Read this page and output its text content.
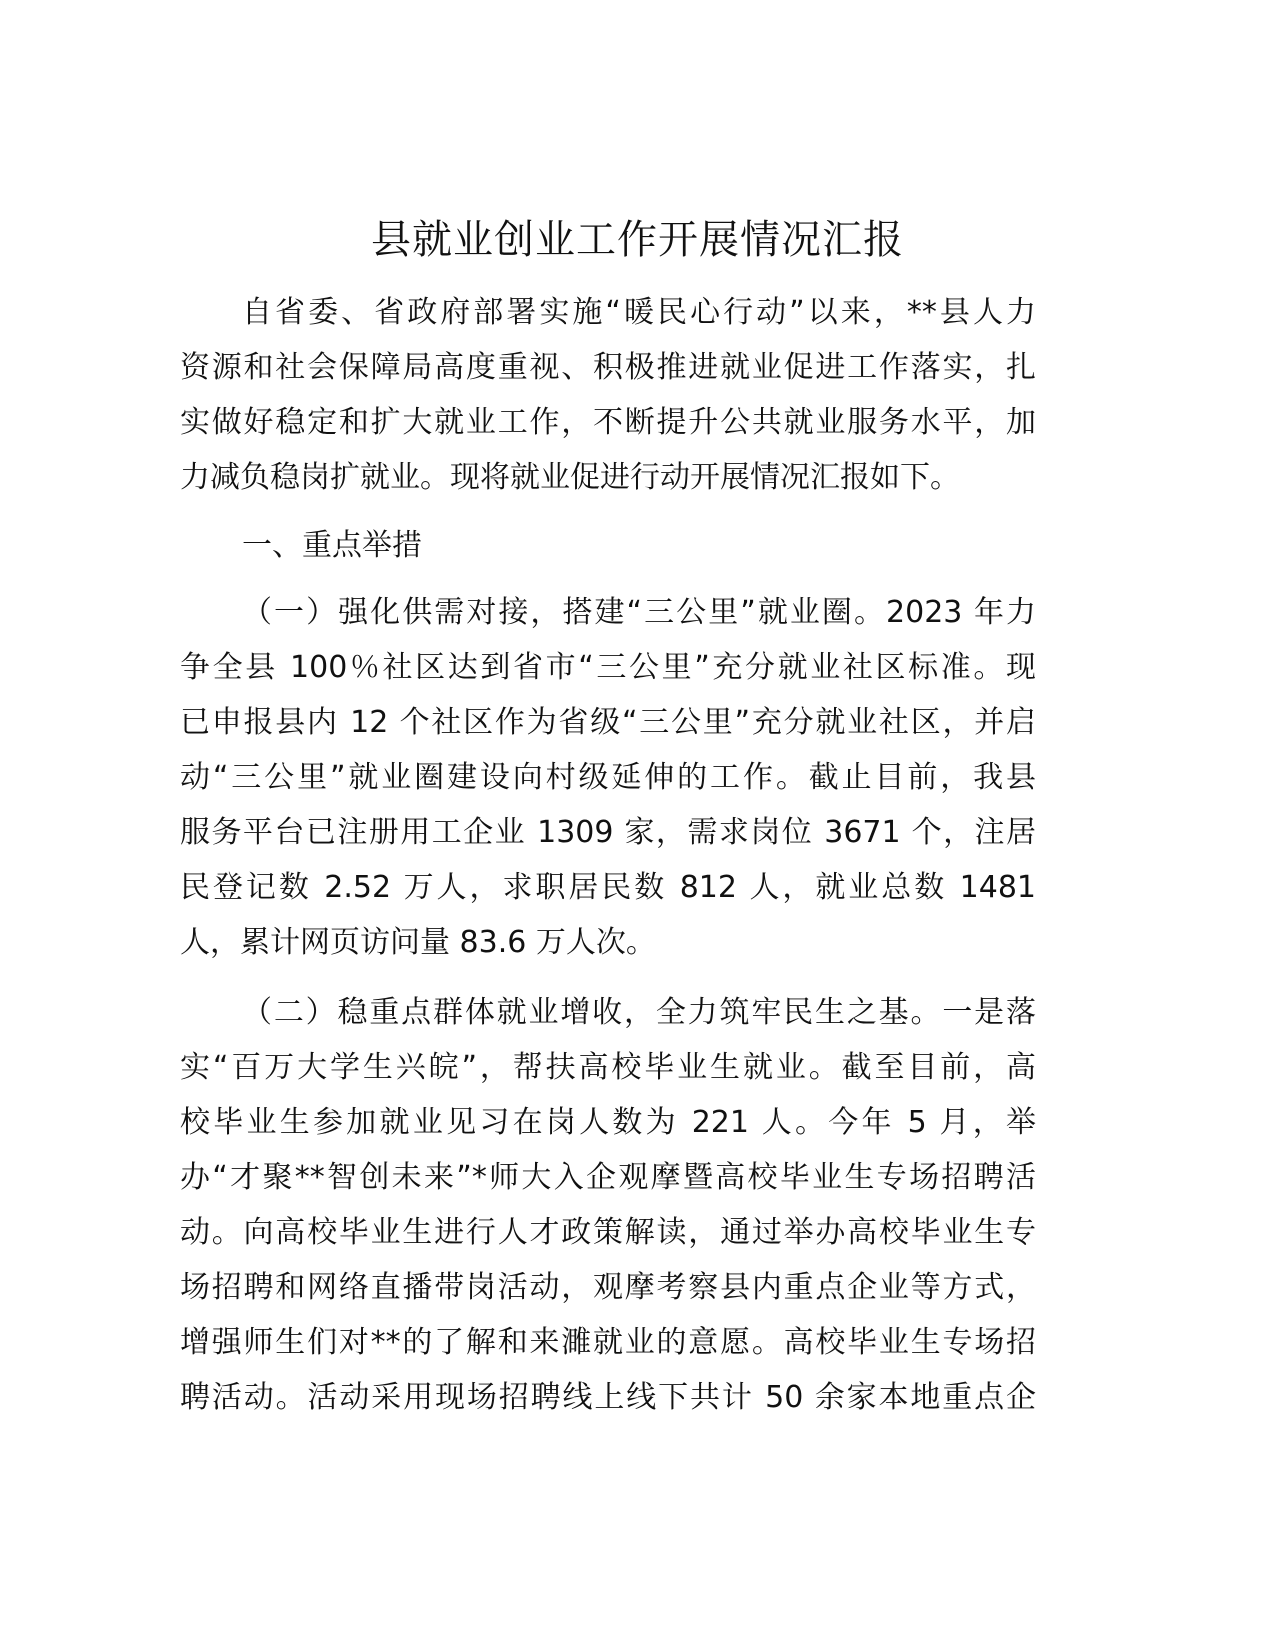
县就业创业工作开展情况汇报
自省委、省政府部署实施“暖民心行动”以来，**县人力
资源和社会保障局高度重视、积极推进就业促进工作落实，扎
实做好稳定和扩大就业工作，不断提升公共就业服务水平，加
力减负稳岗扩就业。现将就业促进行动开展情况汇报如下。
一、重点举措
（一）强化供需对接，搭建“三公里”就业圈。2023 年力
争全县 100％社区达到省市“三公里”充分就业社区标准。现
已申报县内 12 个社区作为省级“三公里”充分就业社区，并启
动“三公里”就业圈建设向村级延伸的工作。截止目前，我县
服务平台已注册用工企业 1309 家，需求岗位 3671 个，注居
民登记数 2.52 万人，求职居民数 812 人，就业总数 1481
人，累计网页访问量 83.6 万人次。
（二）稳重点群体就业增收，全力筑牢民生之基。一是落
实“百万大学生兴皖”，帮扶高校毕业生就业。截至目前，高
校毕业生参加就业见习在岗人数为 221 人。今年 5 月，举
办“才聚**智创未来”*师大入企观摩暨高校毕业生专场招聘活
动。向高校毕业生进行人才政策解读，通过举办高校毕业生专
场招聘和网络直播带岗活动，观摩考察县内重点企业等方式，
增强师生们对**的了解和来濉就业的意愿。高校毕业生专场招
聘活动。活动采用现场招聘线上线下共计 50 余家本地重点企
